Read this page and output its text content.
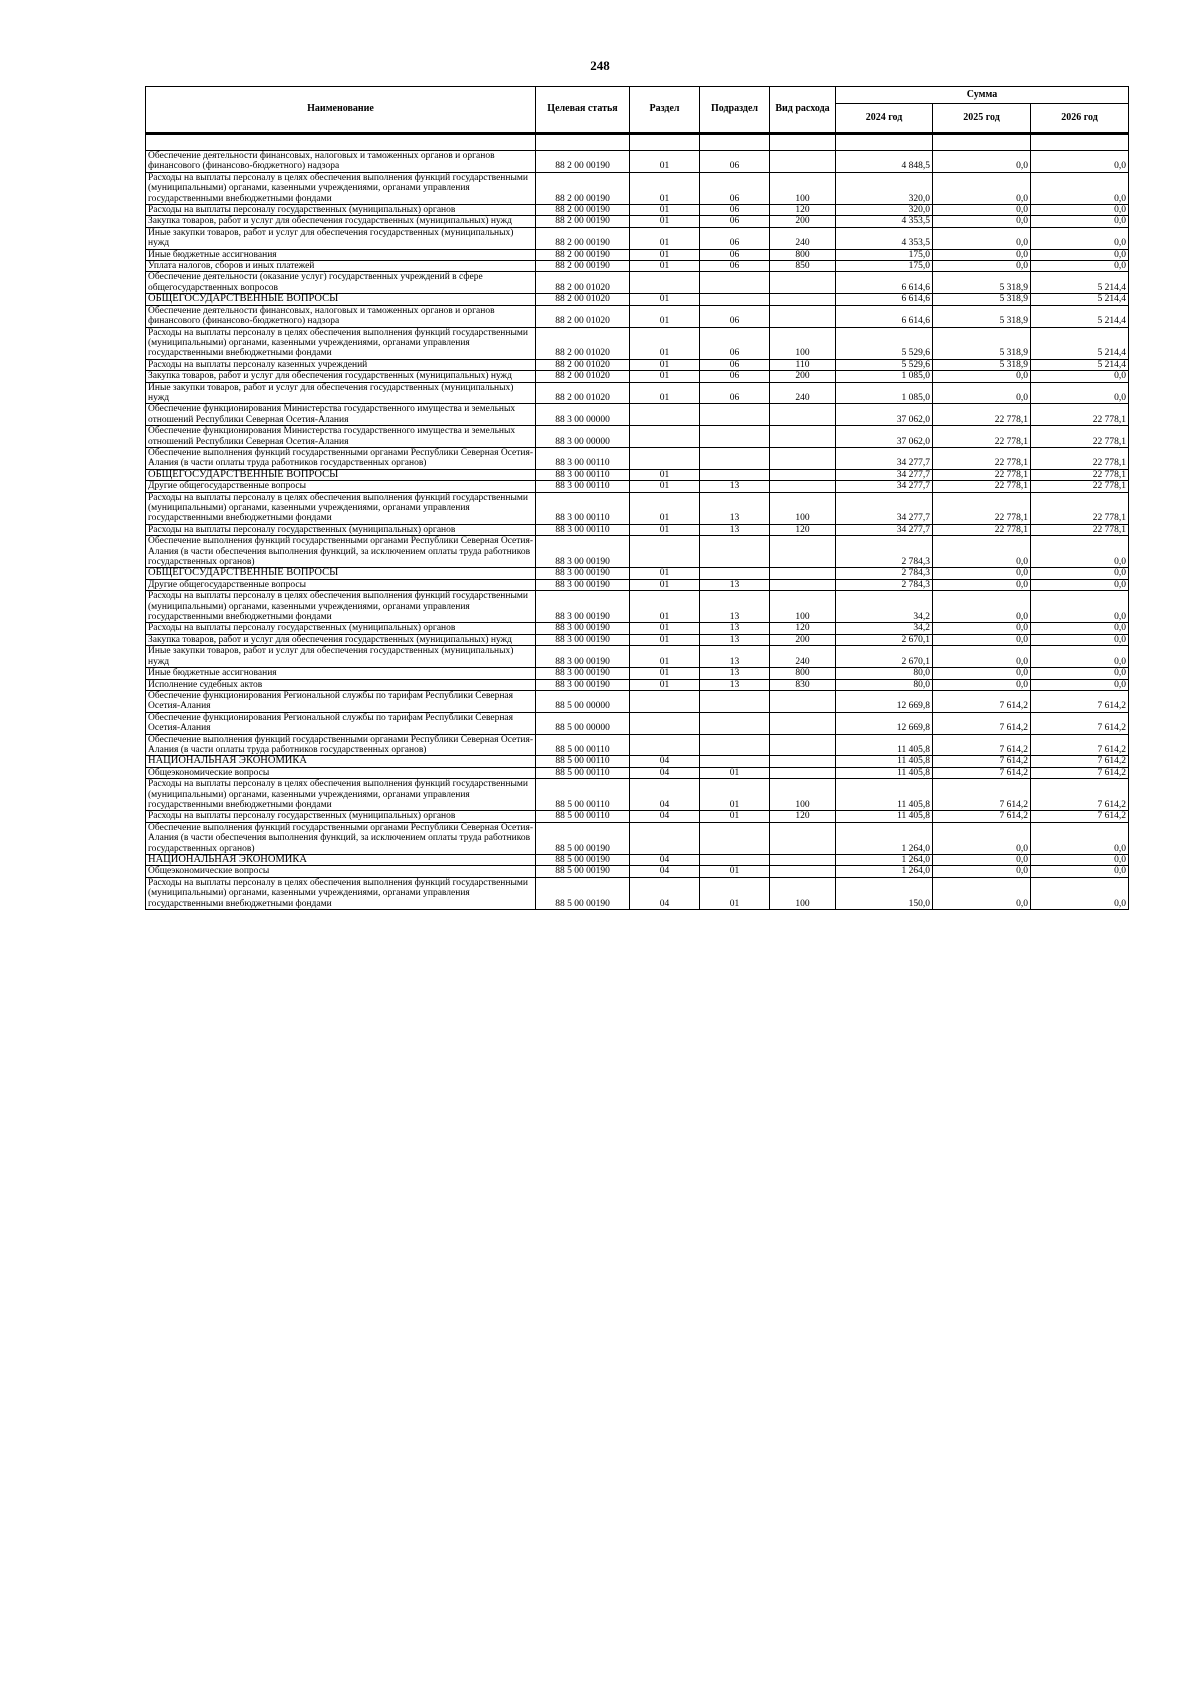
248
Наименование	Целевая статья	Раздел	Подраздел	Вид расхода	Сумма		
					2024 год	2025 год	2026 год

Обеспечение деятельности финансовых, налоговых и таможенных органов и органов финансового (финансово-бюджетного) надзора	88 2 00 00190	01	06		4 848,5	0,0	0,0
Расходы на выплаты персоналу в целях обеспечения выполнения функций государственными (муниципальными) органами, казенными учреждениями, органами управления государственными внебюджетными фондами	88 2 00 00190	01	06	100	320,0	0,0	0,0
Расходы на выплаты персоналу государственных (муниципальных) органов	88 2 00 00190	01	06	120	320,0	0,0	0,0
Закупка товаров, работ и услуг для обеспечения государственных (муниципальных) нужд	88 2 00 00190	01	06	200	4 353,5	0,0	0,0
Иные закупки товаров, работ и услуг для обеспечения государственных (муниципальных) нужд	88 2 00 00190	01	06	240	4 353,5	0,0	0,0
Иные бюджетные ассигнования	88 2 00 00190	01	06	800	175,0	0,0	0,0
Уплата налогов, сборов и иных платежей	88 2 00 00190	01	06	850	175,0	0,0	0,0
Обеспечение деятельности (оказание услуг) государственных учреждений в сфере общегосударственных вопросов	88 2 00 01020				6 614,6	5 318,9	5 214,4
ОБЩЕГОСУДАРСТВЕННЫЕ ВОПРОСЫ	88 2 00 01020	01			6 614,6	5 318,9	5 214,4
Обеспечение деятельности финансовых, налоговых и таможенных органов и органов финансового (финансово-бюджетного) надзора	88 2 00 01020	01	06		6 614,6	5 318,9	5 214,4
Расходы на выплаты персоналу в целях обеспечения выполнения функций государственными (муниципальными) органами, казенными учреждениями, органами управления государственными внебюджетными фондами	88 2 00 01020	01	06	100	5 529,6	5 318,9	5 214,4
Расходы на выплаты персоналу казенных учреждений	88 2 00 01020	01	06	110	5 529,6	5 318,9	5 214,4
Закупка товаров, работ и услуг для обеспечения государственных (муниципальных) нужд	88 2 00 01020	01	06	200	1 085,0	0,0	0,0
Иные закупки товаров, работ и услуг для обеспечения государственных (муниципальных) нужд	88 2 00 01020	01	06	240	1 085,0	0,0	0,0
Обеспечение функционирования Министерства государственного имущества и земельных отношений Республики Северная Осетия-Алания	88 3 00 00000				37 062,0	22 778,1	22 778,1
Обеспечение функционирования Министерства государственного имущества и земельных отношений Республики Северная Осетия-Алания	88 3 00 00000				37 062,0	22 778,1	22 778,1
Обеспечение выполнения функций государственными органами Республики Северная Осетия-Алания (в части оплаты труда работников государственных органов)	88 3 00 00110				34 277,7	22 778,1	22 778,1
ОБЩЕГОСУДАРСТВЕННЫЕ ВОПРОСЫ	88 3 00 00110	01			34 277,7	22 778,1	22 778,1
Другие общегосударственные вопросы	88 3 00 00110	01	13		34 277,7	22 778,1	22 778,1
Расходы на выплаты персоналу в целях обеспечения выполнения функций государственными (муниципальными) органами, казенными учреждениями, органами управления государственными внебюджетными фондами	88 3 00 00110	01	13	100	34 277,7	22 778,1	22 778,1
Расходы на выплаты персоналу государственных (муниципальных) органов	88 3 00 00110	01	13	120	34 277,7	22 778,1	22 778,1
Обеспечение выполнения функций государственными органами Республики Северная Осетия-Алания (в части обеспечения выполнения функций, за исключением оплаты труда работников государственных органов)	88 3 00 00190				2 784,3	0,0	0,0
ОБЩЕГОСУДАРСТВЕННЫЕ ВОПРОСЫ	88 3 00 00190	01			2 784,3	0,0	0,0
Другие общегосударственные вопросы	88 3 00 00190	01	13		2 784,3	0,0	0,0
Расходы на выплаты персоналу в целях обеспечения выполнения функций государственными (муниципальными) органами, казенными учреждениями, органами управления государственными внебюджетными фондами	88 3 00 00190	01	13	100	34,2	0,0	0,0
Расходы на выплаты персоналу государственных (муниципальных) органов	88 3 00 00190	01	13	120	34,2	0,0	0,0
Закупка товаров, работ и услуг для обеспечения государственных (муниципальных) нужд	88 3 00 00190	01	13	200	2 670,1	0,0	0,0
Иные закупки товаров, работ и услуг для обеспечения государственных (муниципальных) нужд	88 3 00 00190	01	13	240	2 670,1	0,0	0,0
Иные бюджетные ассигнования	88 3 00 00190	01	13	800	80,0	0,0	0,0
Исполнение судебных актов	88 3 00 00190	01	13	830	80,0	0,0	0,0
Обеспечение функционирования Региональной службы по тарифам Республики Северная Осетия-Алания	88 5 00 00000				12 669,8	7 614,2	7 614,2
Обеспечение функционирования Региональной службы по тарифам Республики Северная Осетия-Алания	88 5 00 00000				12 669,8	7 614,2	7 614,2
Обеспечение выполнения функций государственными органами Республики Северная Осетия-Алания (в части оплаты труда работников государственных органов)	88 5 00 00110				11 405,8	7 614,2	7 614,2
НАЦИОНАЛЬНАЯ ЭКОНОМИКА	88 5 00 00110	04			11 405,8	7 614,2	7 614,2
Общеэкономические вопросы	88 5 00 00110	04	01		11 405,8	7 614,2	7 614,2
Расходы на выплаты персоналу в целях обеспечения выполнения функций государственными (муниципальными) органами, казенными учреждениями, органами управления государственными внебюджетными фондами	88 5 00 00110	04	01	100	11 405,8	7 614,2	7 614,2
Расходы на выплаты персоналу государственных (муниципальных) органов	88 5 00 00110	04	01	120	11 405,8	7 614,2	7 614,2
Обеспечение выполнения функций государственными органами Республики Северная Осетия-Алания (в части обеспечения выполнения функций, за исключением оплаты труда работников государственных органов)	88 5 00 00190				1 264,0	0,0	0,0
НАЦИОНАЛЬНАЯ ЭКОНОМИКА	88 5 00 00190	04			1 264,0	0,0	0,0
Общеэкономические вопросы	88 5 00 00190	04	01		1 264,0	0,0	0,0
Расходы на выплаты персоналу в целях обеспечения выполнения функций государственными (муниципальными) органами, казенными учреждениями, органами управления государственными внебюджетными фондами	88 5 00 00190	04	01	100	150,0	0,0	0,0
